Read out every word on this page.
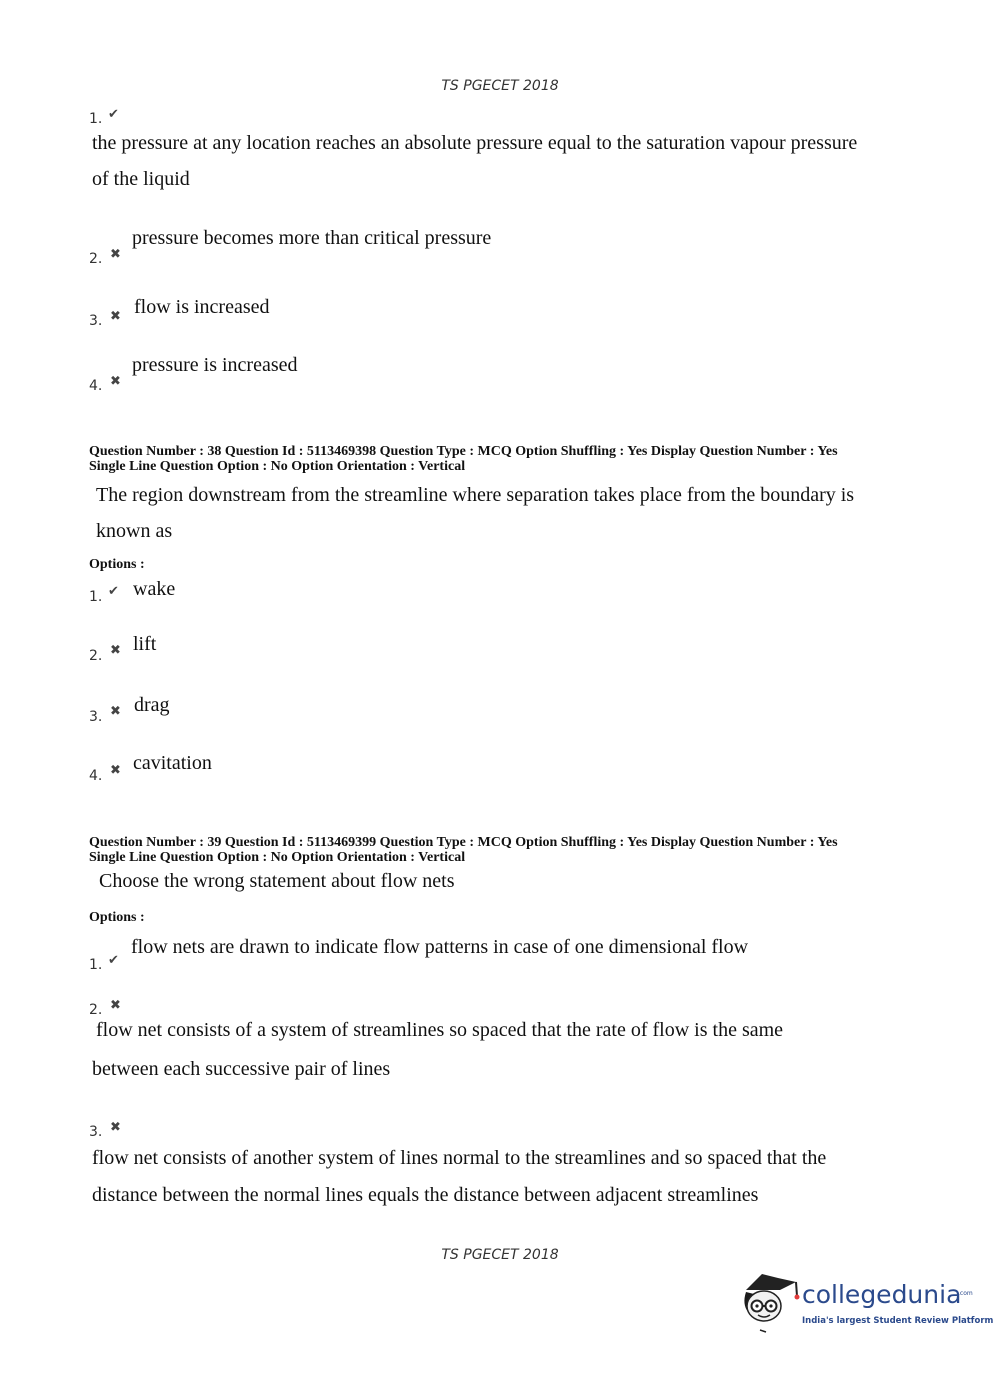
TS PGECET 2018
1. ✔
the pressure at any location reaches an absolute pressure equal to the saturation vapour pressure
of the liquid
2. ✖
pressure becomes more than critical pressure
3. ✖ flow is increased
4. ✖
pressure is increased
Question Number : 38 Question Id : 5113469398 Question Type : MCQ Option Shuffling : Yes Display Question Number : Yes
Single Line Question Option : No Option Orientation : Vertical
The region downstream from the streamline where separation takes place from the boundary is
known as
Options :
1. ✔ wake
2. ✖ lift
3. ✖ drag
4. ✖ cavitation
Question Number : 39 Question Id : 5113469399 Question Type : MCQ Option Shuffling : Yes Display Question Number : Yes
Single Line Question Option : No Option Orientation : Vertical
Choose the wrong statement about flow nets
Options :
1. ✔
flow nets are drawn to indicate flow patterns in case of one dimensional flow
2. ✖
flow net consists of a system of streamlines so spaced that the rate of flow is the same
between each successive pair of lines
3. ✖
flow net consists of another system of lines normal to the streamlines and so spaced that the
distance between the normal lines equals the distance between adjacent streamlines
TS PGECET 2018
collegedunia
.com
India's largest Student Review Platform
